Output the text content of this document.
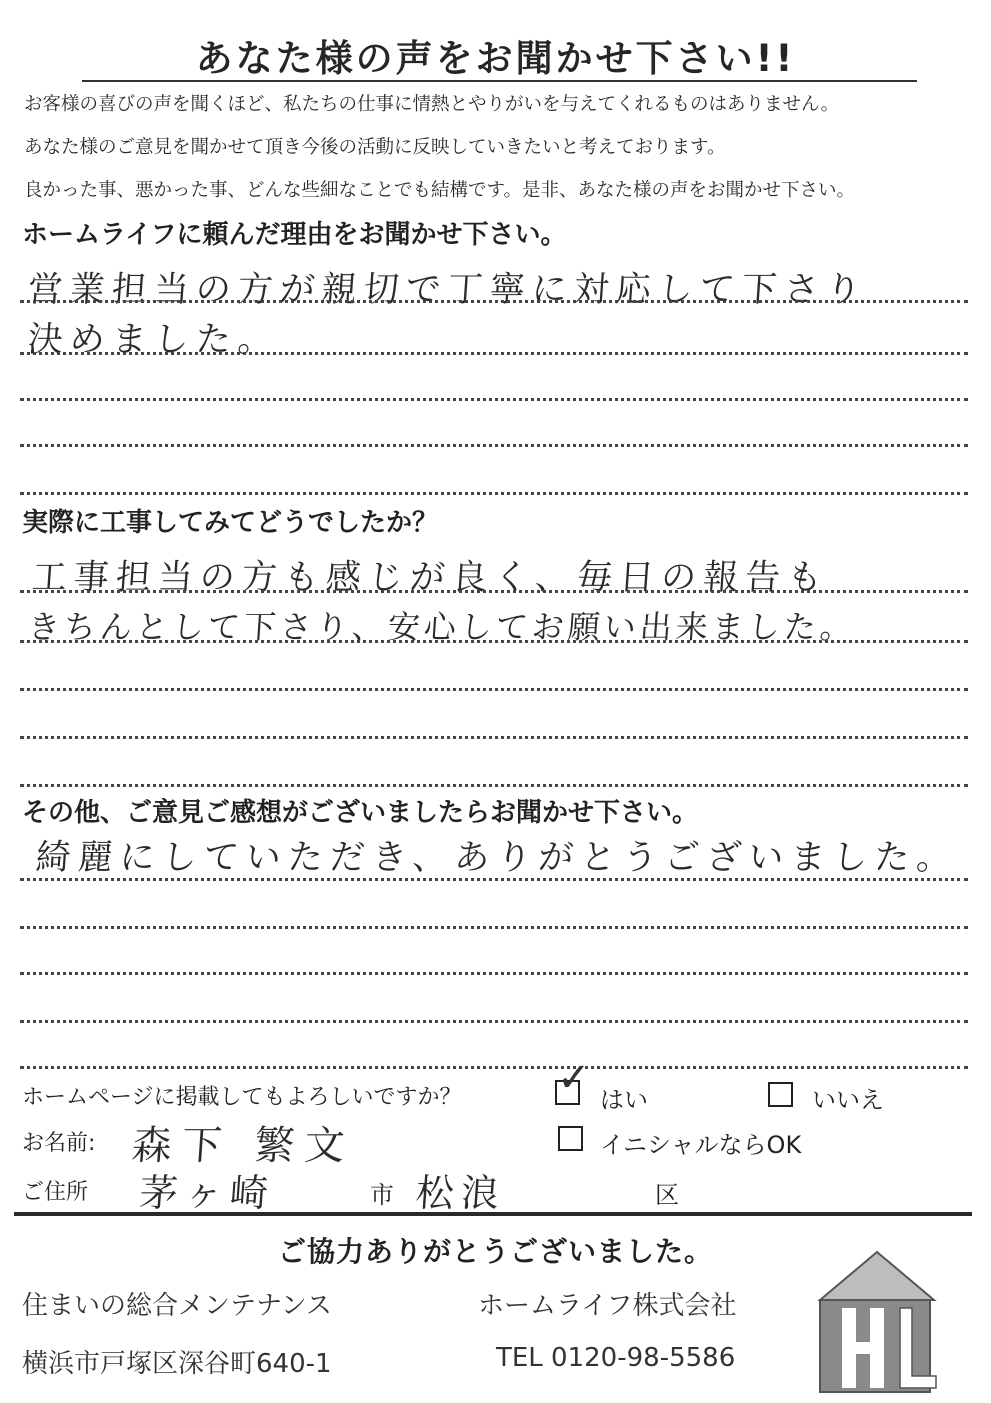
あなた様の声をお聞かせ下さい!!
お客様の喜びの声を聞くほど、私たちの仕事に情熱とやりがいを与えてくれるものはありません。
あなた様のご意見を聞かせて頂き今後の活動に反映していきたいと考えております。
良かった事、悪かった事、どんな些細なことでも結構です。是非、あなた様の声をお聞かせ下さい。
ホームライフに頼んだ理由をお聞かせ下さい。
営業担当の方が親切で丁寧に対応して下さり
決めました。
実際に工事してみてどうでしたか？
工事担当の方も感じが良く、毎日の報告も
きちんとして下さり、安心してお願い出来ました。
その他、ご意見ご感想がございましたらお聞かせ下さい。
綺麗にしていただき、ありがとうございました。
ホームページに掲載してもよろしいですか？ ✓ はい	いいえ
イニシャルならOK
お名前: 森下 繁文
ご住所 茅ヶ崎	市 松浪	区
ご協力ありがとうございました。
住まいの総合メンテナンス	ホームライフ株式会社
横浜市戸塚区深谷町640-1	TEL 0120-98-5586
